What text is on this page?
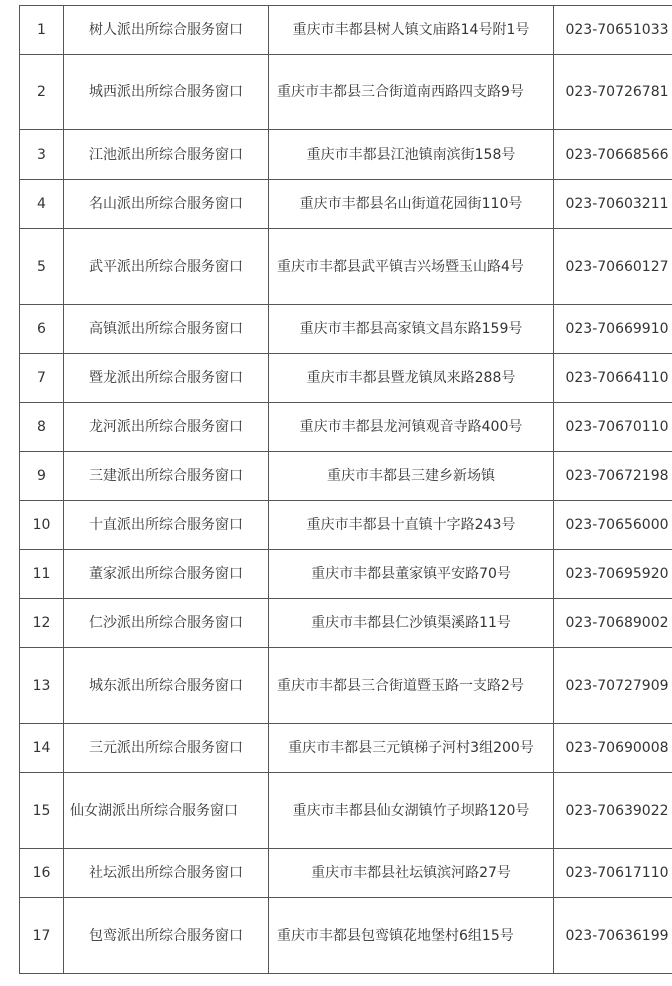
1	树人派出所综合服务窗口	重庆市丰都县树人镇文庙路14号附1号	023-70651033
2	城西派出所综合服务窗口	重庆市丰都县三合街道南西路四支路9号	023-70726781
3	江池派出所综合服务窗口	重庆市丰都县江池镇南滨街158号	023-70668566
4	名山派出所综合服务窗口	重庆市丰都县名山街道花园街110号	023-70603211
5	武平派出所综合服务窗口	重庆市丰都县武平镇吉兴场暨玉山路4号	023-70660127
6	高镇派出所综合服务窗口	重庆市丰都县高家镇文昌东路159号	023-70669910
7	暨龙派出所综合服务窗口	重庆市丰都县暨龙镇凤来路288号	023-70664110
8	龙河派出所综合服务窗口	重庆市丰都县龙河镇观音寺路400号	023-70670110
9	三建派出所综合服务窗口	重庆市丰都县三建乡新场镇	023-70672198
10	十直派出所综合服务窗口	重庆市丰都县十直镇十字路243号	023-70656000
11	董家派出所综合服务窗口	重庆市丰都县董家镇平安路70号	023-70695920
12	仁沙派出所综合服务窗口	重庆市丰都县仁沙镇渠溪路11号	023-70689002
13	城东派出所综合服务窗口	重庆市丰都县三合街道暨玉路一支路2号	023-70727909
14	三元派出所综合服务窗口	重庆市丰都县三元镇梯子河村3组200号	023-70690008
15	仙女湖派出所综合服务窗口	重庆市丰都县仙女湖镇竹子坝路120号	023-70639022
16	社坛派出所综合服务窗口	重庆市丰都县社坛镇滨河路27号	023-70617110
17	包鸾派出所综合服务窗口	重庆市丰都县包鸾镇花地堡村6组15号	023-70636199
